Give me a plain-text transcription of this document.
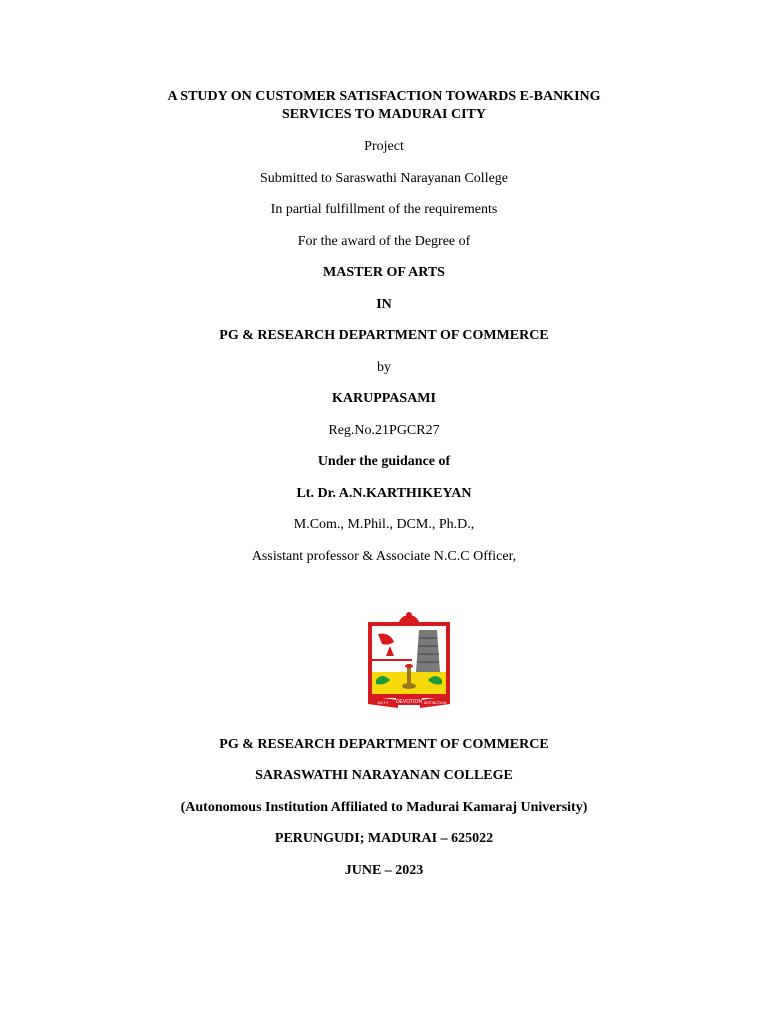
A STUDY ON CUSTOMER SATISFACTION TOWARDS E-BANKING
SERVICES TO MADURAI CITY
Project
Submitted to Saraswathi Narayanan College
In partial fulfillment of the requirements
For the award of the Degree of
MASTER OF ARTS
IN
PG & RESEARCH DEPARTMENT OF COMMERCE
by
KARUPPASAMI
Reg.No.21PGCR27
Under the guidance of
Lt. Dr. A.N.KARTHIKEYAN
M.Com., M.Phil., DCM., Ph.D.,
Assistant professor & Associate N.C.C Officer,
DEVOTION
DUTY	DISTINCTION
PG & RESEARCH DEPARTMENT OF COMMERCE
SARASWATHI NARAYANAN COLLEGE
(Autonomous Institution Affiliated to Madurai Kamaraj University)
PERUNGUDI; MADURAI – 625022
JUNE – 2023
